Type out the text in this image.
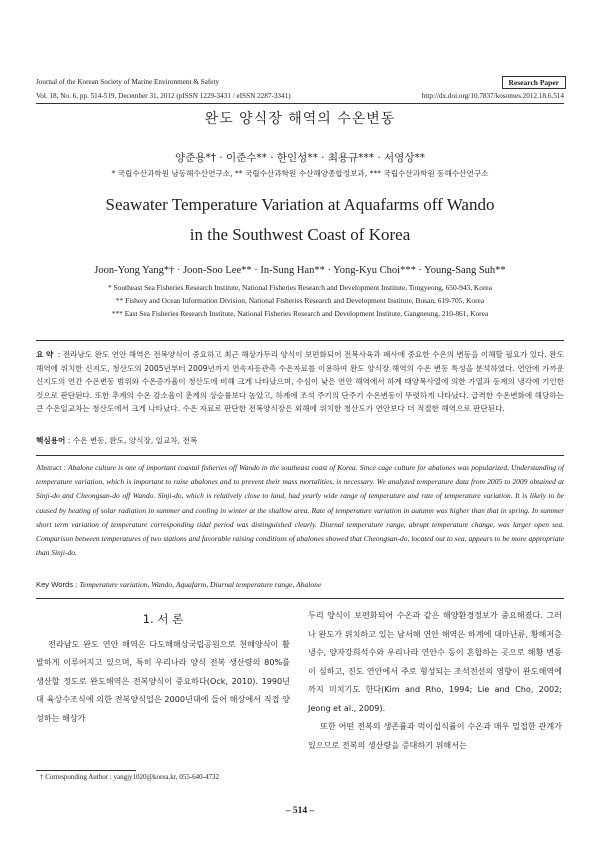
Journal of the Korean Society of Marine Environment & Safety	Research Paper
Vol. 18, No. 6, pp. 514-519, December 31, 2012 (pISSN 1229-3431 / eISSN 2287-3341)	http://dx.doi.org/10.7837/kosomes.2012.18.6.514
완도 양식장 해역의 수온변동
양준용*† · 이준수** · 한인성** · 최용규*** · 서영상**
* 국립수산과학원 남동해수산연구소, ** 국립수산과학원 수산해양종합정보과, *** 국립수산과학원 동해수산연구소
Seawater Temperature Variation at Aquafarms off Wando
in the Southwest Coast of Korea
Joon-Yong Yang*† · Joon-Soo Lee** · In-Sung Han** · Yong-Kyu Choi*** · Young-Sang Suh**
* Southeast Sea Fisheries Research Institute, National Fisheries Research and Development Institute, Tongyeong, 650-943, Korea
** Fishery and Ocean Information Division, National Fisheries Research and Development Institute, Busan, 619-705, Korea
*** East Sea Fisheries Research Institute, National Fisheries Research and Development Institute, Gangneung, 210-861, Korea
요 약 : 전라남도 완도 연안 해역은 전복양식이 중요하고 최근 해상가두리 양식이 보편화되어 전복사육과 폐사에 중요한 수온의 변동을 이해할 필요가 있다. 완도해역에 위치한 신지도, 청산도의 2005년부터 2009년까지 연속자동관측 수온자료를 이용하여 완도 양식장 해역의 수온 변동 특성을 분석하였다. 연안에 가까운 신지도의 연간 수온변동 범위와 수온증가율이 청산도에 비해 크게 나타났으며, 수심이 낮은 연안 해역에서 하계 태양복사열에 의한 가열과 동계의 냉각에 기인한 것으로 판단된다. 또한 추계의 수온 감소율이 춘계의 상승률보다 높았고, 하계에 조석 주기의 단주기 수온변동이 뚜렷하게 나타났다. 급격한 수온변화에 해당하는 큰 수온일교차는 청산도에서 크게 나타났다. 수온 자료로 판단한 전복양식장은 외해에 위치한 청산도가 연안보다 더 적절한 해역으로 판단된다.
핵심용어 : 수온 변동, 완도, 양식장, 일교차, 전복
Abstract : Abalone culture is one of important coastal fisheries off Wando in the southeast coast of Korea. Since cage culture for abalones was popularized, Understanding of temperature variation, which is important to raise abalones and to prevent their mass mortalities, is necessary. We analyzed temperature data from 2005 to 2009 obtained at Sinji-do and Cheongsan-do off Wando. Sinji-do, which is relatively close to land, had yearly wide range of temperature and rate of temperature variation. It is likely to be caused by heating of solar radiation in summer and cooling in winter at the shallow area. Rate of temperature variation in autumn was higher than that in spring. In summer short term variation of temperature corresponding tidal period was distinguished clearly. Diurnal temperature range, abrupt temperature change, was larger open sea. Comparison between temperatures of two stations and favorable raising conditions of abalones showed that Cheongsan-do, located out to sea, appears to be more appropriate than Sinji-do.
Key Words : Temperature variation, Wando, Aquafarm, Diurnal temperature range, Abalone
1. 서 론
전라남도 완도 연안 해역은 다도해해상국립공원으로 천해양식이 활발하게 이루어지고 있으며, 특히 우리나라 양식 전복 생산량의 80%를 생산할 정도로 완도해역은 전복양식이 중요하다(Ock, 2010). 1990년대 육상수조식에 의한 전복양식업은 2000년대에 들어 해상에서 직접 양성하는 해상가
두리 양식이 보편화되어 수온과 같은 해양환경정보가 중요해졌다. 그러나 완도가 위치하고 있는 남서해 연안 해역은 하계에 대마난류, 황해저층냉수, 양자강희석수와 우리나라 연안수 등이 혼합하는 곳으로 해황 변동이 심하고, 진도 연안에서 주로 형성되는 조석전선의 영향이 완도해역에까지 미치기도 한다(Kim and Rho, 1994; Lie and Cho, 2002; Jeong et al., 2009).
또한 어떤 전복의 생존률과 먹이섭식률이 수온과 매우 밀접한 관계가 있으므로 전복의 생산량을 증대하기 위해서는
† Corresponding Author : yangjy1020@korea.kr, 055-640-4732
– 514 –
